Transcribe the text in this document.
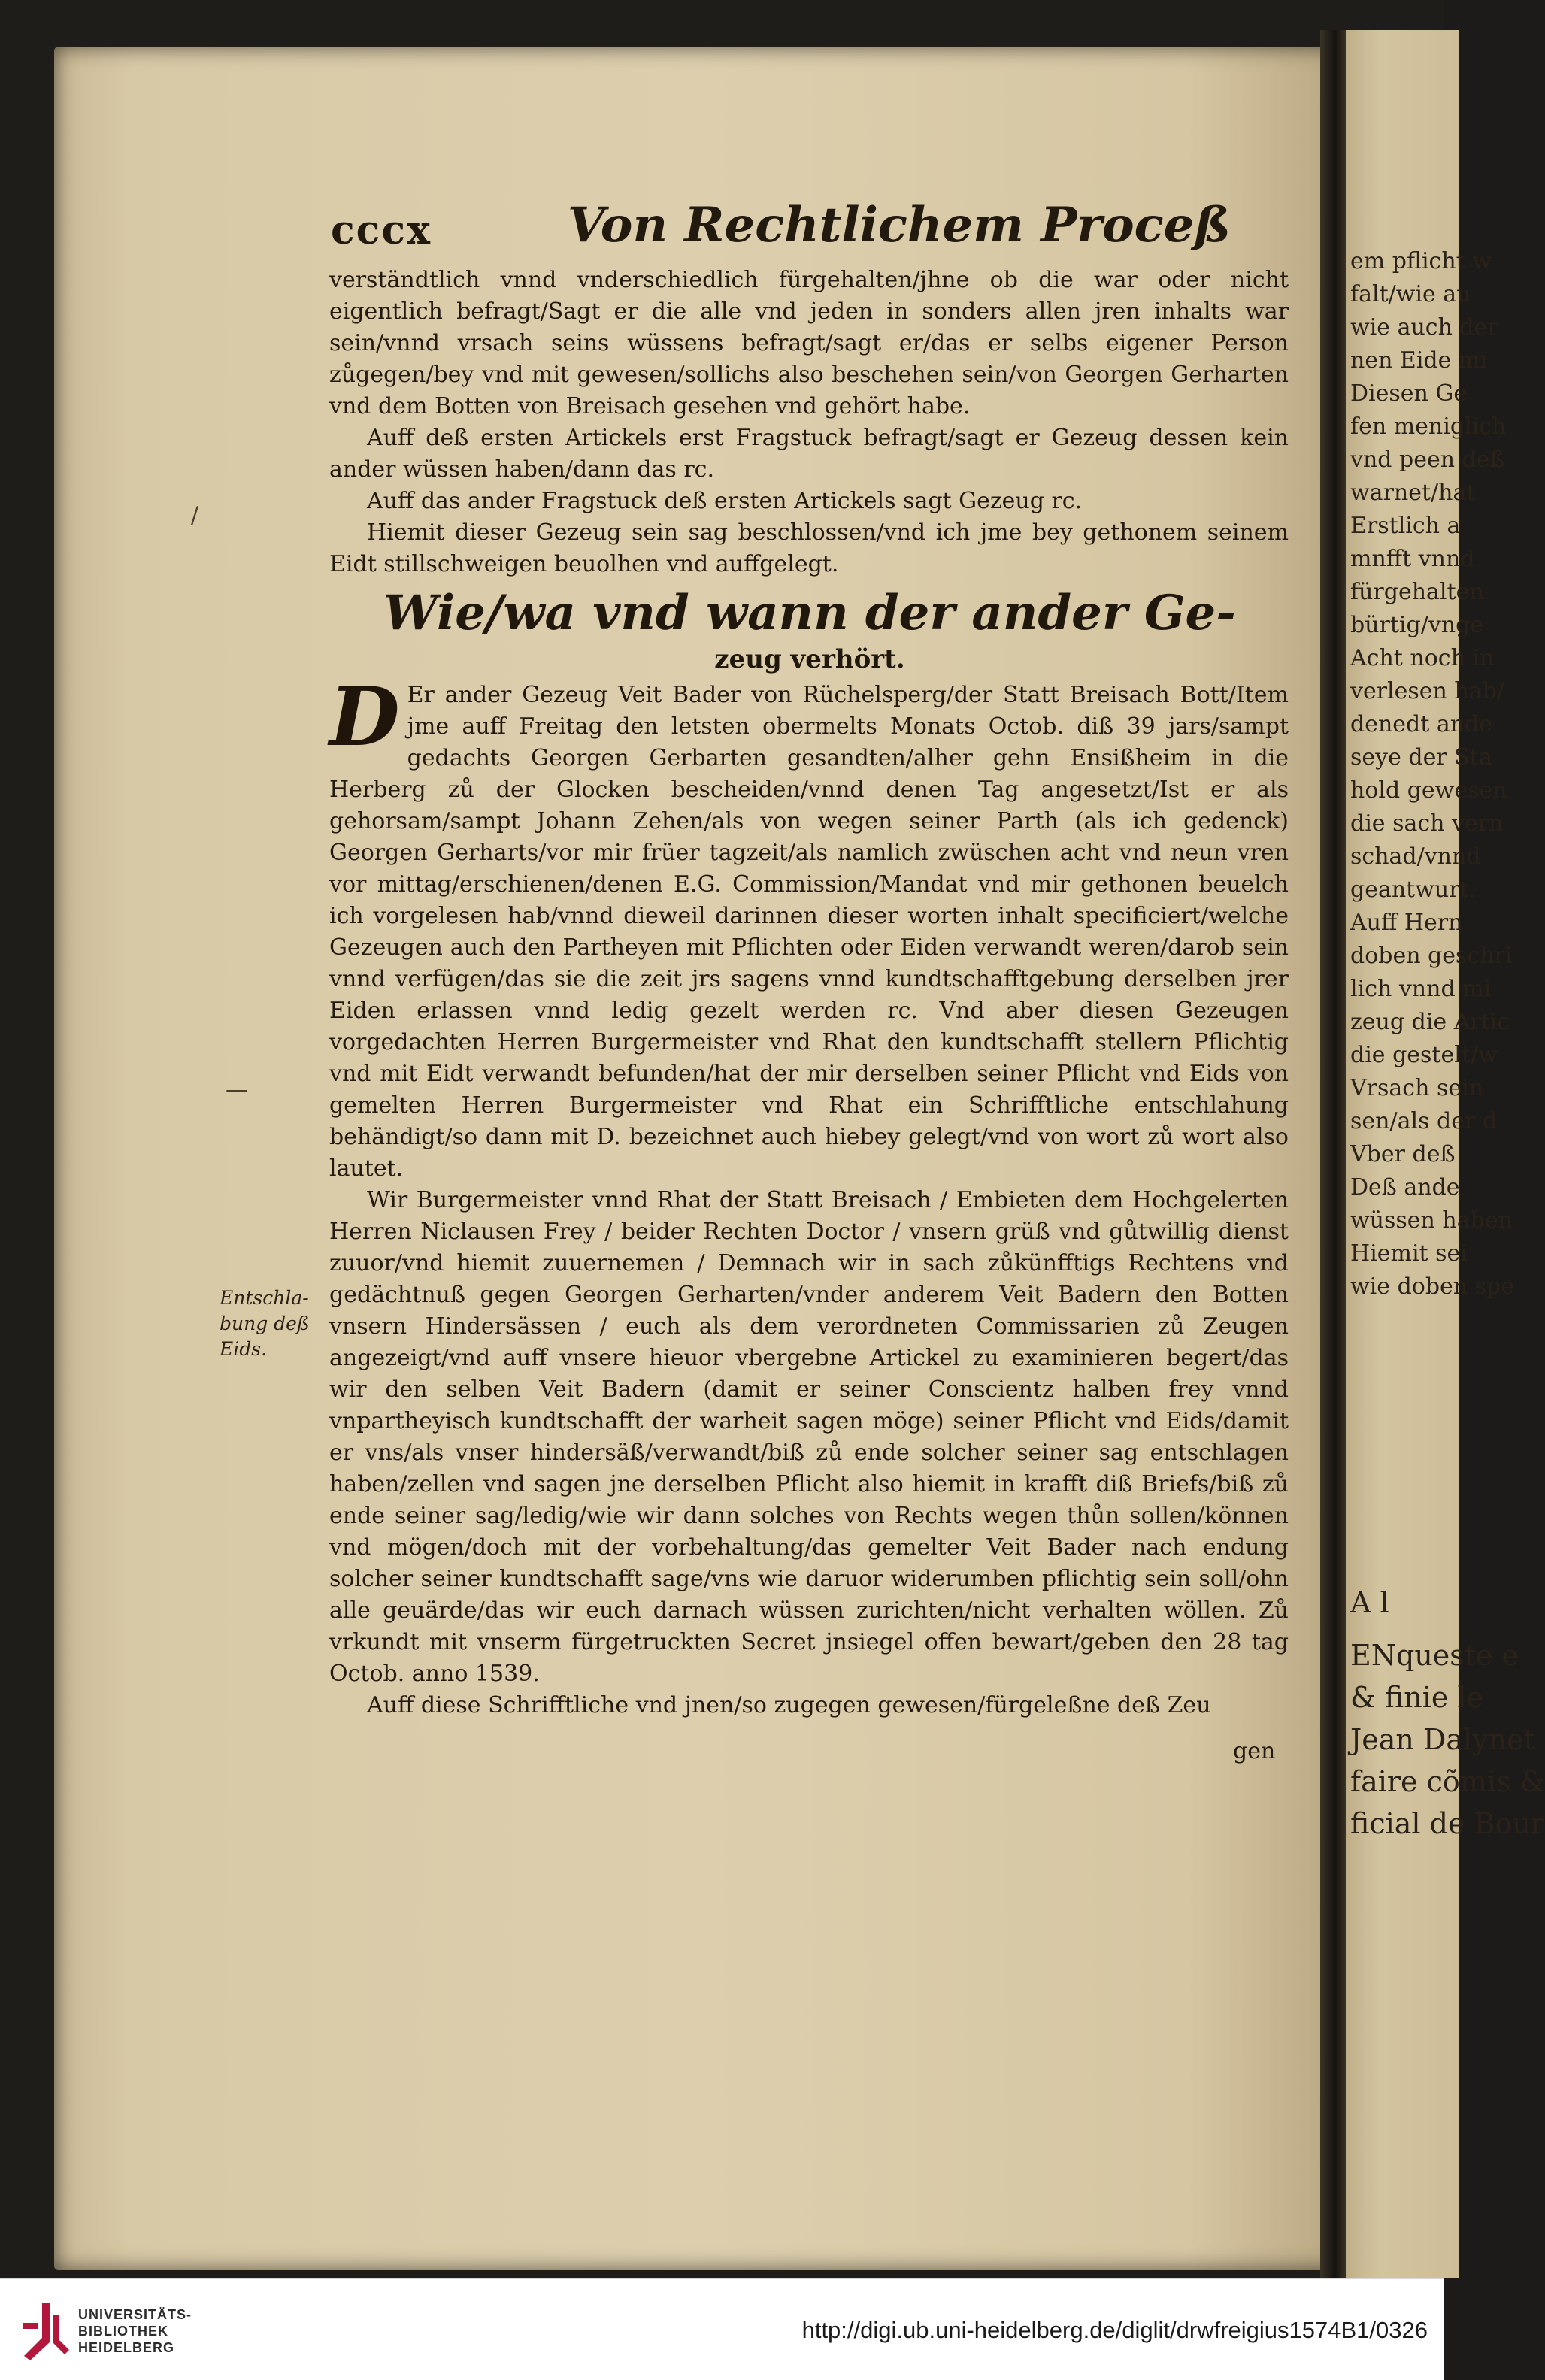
em pflicht w
falt/wie au
wie auch der
nen Eide mi
Diesen Ge
fen meniglich
vnd peen deß
warnet/hat
Erstlich a
mnfft vnnd
fürgehalten
bürtig/vnge
Acht noch in
verlesen hab/
denedt ande
seye der Sta
hold gewesen
die sach vern
schad/vnnd
geantwurt.
Auff Hern
doben geschri
lich vnnd mi
zeug die Artic
die gestelt/w
Vrsach sein
sen/als der d
Vber deß
Deß ande
wüssen haben
Hiemit sei
wie doben spe
A l
ENqueste e
& finie le
Jean Dalynet
faire cõmis &
ficial de Bour
cccx	Von Rechtlichem Proceß

verständtlich vnnd vnderschiedlich fürgehalten/jhne ob die war oder nicht eigentlich befragt/Sagt er die alle vnd jeden in sonders allen jren inhalts war sein/vnnd vrsach seins wüssens befragt/sagt er/das er selbs eigener Person zůgegen/bey vnd mit gewesen/sollichs also beschehen sein/von Georgen Gerharten vnd dem Botten von Breisach gesehen vnd gehört habe.

Auff deß ersten Artickels erst Fragstuck befragt/sagt er Gezeug dessen kein ander wüssen haben/dann das rc.

Auff das ander Fragstuck deß ersten Artickels sagt Gezeug rc.

Hiemit dieser Gezeug sein sag beschlossen/vnd ich jme bey gethonem seinem Eidt stillschweigen beuolhen vnd auffgelegt.

Wie/wa vnd wann der ander Ge-
zeug verhört.

D Er ander Gezeug Veit Bader von Rüchelsperg/der Statt Breisach Bott/Item jme auff Freitag den letsten obermelts Monats Octob. diß 39 jars/sampt gedachts Georgen Gerbarten gesandten/alher gehn Ensißheim in die Herberg zů der Glocken bescheiden/vnnd denen Tag angesetzt/Ist er als gehorsam/sampt Johann Zehen/als von wegen seiner Parth (als ich gedenck) Georgen Gerharts/vor mir früer tagzeit/als namlich zwüschen acht vnd neun vren vor mittag/erschienen/denen E.G. Commission/Mandat vnd mir gethonen beuelch ich vorgelesen hab/vnnd dieweil darinnen dieser worten inhalt specificiert/welche Gezeugen auch den Partheyen mit Pflichten oder Eiden verwandt weren/darob sein vnnd verfügen/das sie die zeit jrs sagens vnnd kundtschafftgebung derselben jrer Eiden erlassen vnnd ledig gezelt werden rc. Vnd aber diesen Gezeugen vorgedachten Herren Burgermeister vnd Rhat den kundtschafft stellern Pflichtig vnd mit Eidt verwandt befunden/hat der mir derselben seiner Pflicht vnd Eids von gemelten Herren Burgermeister vnd Rhat ein Schrifftliche entschlahung behändigt/so dann mit D. bezeichnet auch hiebey gelegt/vnd von wort zů wort also lautet.

Wir Burgermeister vnnd Rhat der Statt Breisach / Embieten dem Hochgelerten Herren Niclausen Frey / beider Rechten Doctor / vnsern grüß vnd gůtwillig dienst zuuor/vnd hiemit zuuernemen / Demnach wir in sach zůkünfftigs Rechtens vnd gedächtnuß gegen Georgen Gerharten/vnder anderem Veit Badern den Botten vnsern Hindersässen / euch als dem verordneten Commissarien zů Zeugen angezeigt/vnd auff vnsere hieuor vbergebne Artickel zu examinieren begert/das wir den selben Veit Badern (damit er seiner Conscientz halben frey vnnd vnpartheyisch kundtschafft der warheit sagen möge) seiner Pflicht vnd Eids/damit er vns/als vnser hindersäß/verwandt/biß zů ende solcher seiner sag entschlagen haben/zellen vnd sagen jne derselben Pflicht also hiemit in krafft diß Briefs/biß zů ende seiner sag/ledig/wie wir dann solches von Rechts wegen thůn sollen/können vnd mögen/doch mit der vorbehaltung/das gemelter Veit Bader nach endung solcher seiner kundtschafft sage/vns wie daruor widerumben pflichtig sein soll/ohn alle geuärde/das wir euch darnach wüssen zurichten/nicht verhalten wöllen. Zů vrkundt mit vnserm fürgetruckten Secret jnsiegel offen bewart/geben den 28 tag Octob. anno 1539.

Auff diese Schrifftliche vnd jnen/so zugegen gewesen/fürgeleßne deß Zeu

gen
Entschla-
bung deß
Eids.
/
—
UNIVERSITÄTS-
BIBLIOTHEK
HEIDELBERG
http://digi.ub.uni-heidelberg.de/diglit/drwfreigius1574B1/0326
